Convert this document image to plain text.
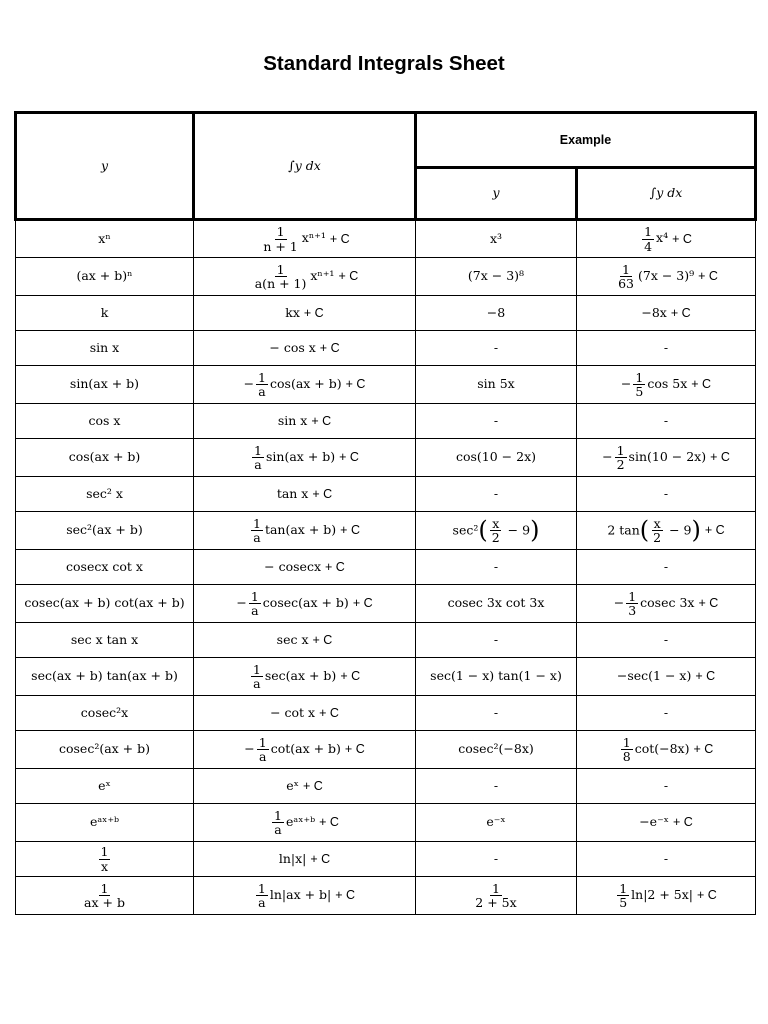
Standard Integrals Sheet
y	∫y dx	Example	
		y	∫y dx
xⁿ	$\frac{1}{n + 1} x^{n+1} + C$	x³	$\frac{1}{4} x^4 + C$
(ax + b)ⁿ	$\frac{1}{a(n + 1)} x^{n+1} + C$	(7x − 3)⁸	$\frac{1}{63} (7x - 3)^9 + C$
k	kx + C	−8	−8x + C
sin x	− cos x + C	-	-
sin(ax + b)	− $\frac{1}{a} \cos(ax + b) + C$	sin 5x	− $\frac{1}{5}$ cos 5x + C
cos x	sin x + C	-	-
cos(ax + b)	$\frac{1}{a} \sin(ax + b) + C$	cos(10 − 2x)	− $\frac{1}{2} \sin(10 - 2x) + C$
sec² x	tan x + C	-	-
sec²(ax + b)	$\frac{1}{a} \tan(ax + b) + C$	$\sec^2( \frac{x}{2} - 9)$	2 $\tan( \frac{x}{2} - 9) + C$
cosecx cot x	− cosecx + C	-	-
cosec(ax + b) cot(ax + b)	− $\frac{1}{a} cosec(ax + b) + C$	cosec 3x cot 3x	− $\frac{1}{3}$ cosec 3x + C
sec x tan x	sec x + C	-	-
sec(ax + b) tan(ax + b)	$\frac{1}{a} \sec(ax + b) + C$	sec(1 − x) tan(1 − x)	−sec(1 − x) + C
cosec²x	− cot x + C	-	-
cosec²(ax + b)	− $\frac{1}{a} \cot(ax + b) + C$	cosec²(−8x)	$\frac{1}{8} \cot(-8x) + C$
eˣ	eˣ + C	-	-
eᵃˣ⁺ᵇ	$\frac{1}{a}$ eᵃˣ⁺ᵇ + C	e⁻ˣ	−e⁻ˣ + C

$\frac{1}{x}$	ln|x| + C	-	-

$\frac{1}{ax + b}$	$\frac{1}{a} \ln|ax + b| + C$	$\frac{1}{2 + 5x}$	$\frac{1}{5} \ln|2 + 5x| + C$
